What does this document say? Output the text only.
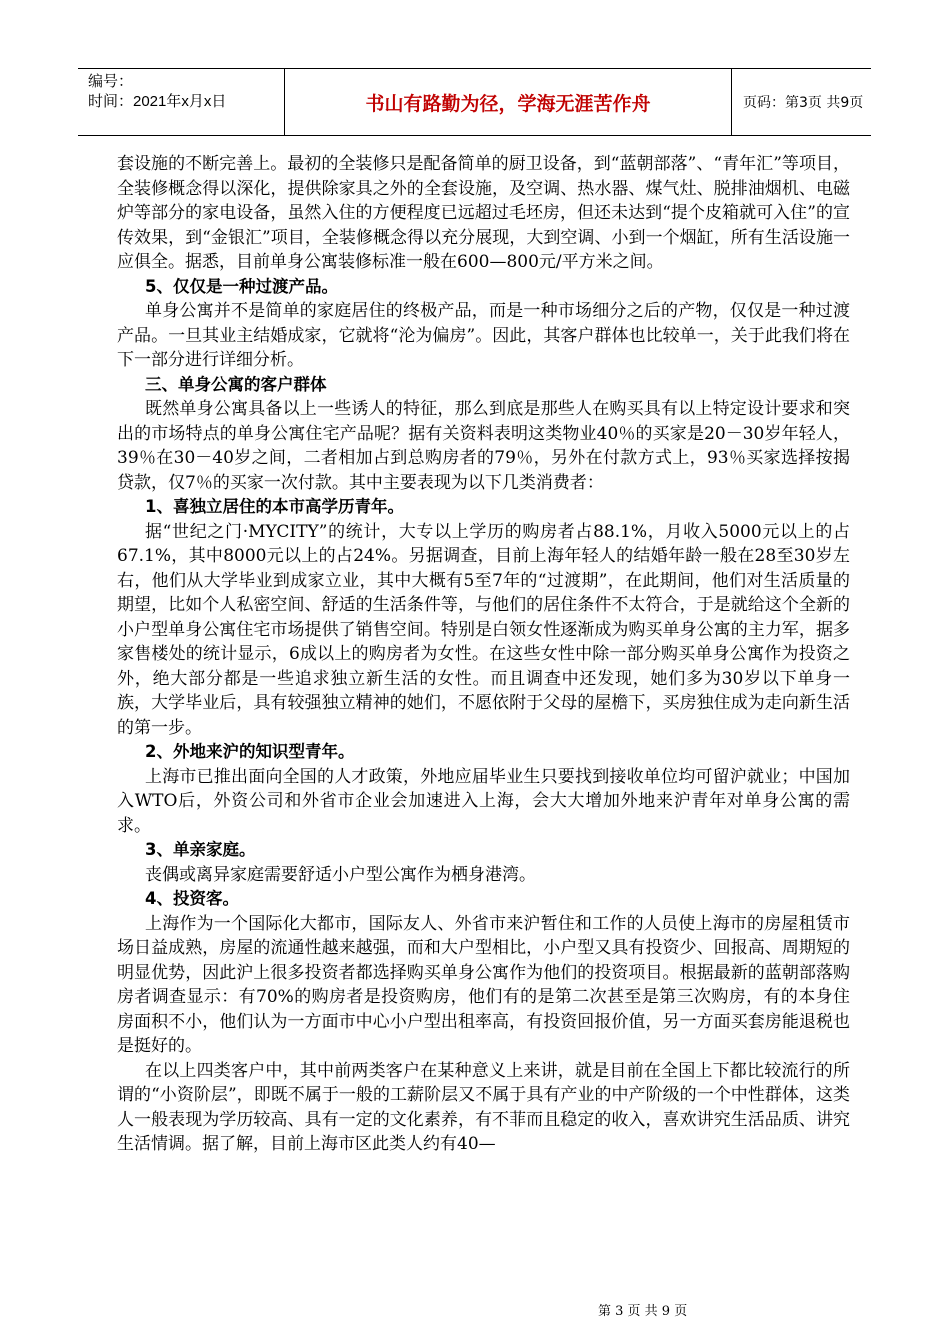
编号：
时间：2021年x月x日	书山有路勤为径，学海无涯苦作舟	页码：第3页 共9页

套设施的不断完善上。最初的全装修只是配备简单的厨卫设备，到“蓝朝部落”、“青年汇”等项目，全装修概念得以深化，提供除家具之外的全套设施，及空调、热水器、煤气灶、脱排油烟机、电磁炉等部分的家电设备，虽然入住的方便程度已远超过毛坯房，但还未达到“提个皮箱就可入住”的宣传效果，到“金银汇”项目，全装修概念得以充分展现，大到空调、小到一个烟缸，所有生活设施一应俱全。据悉，目前单身公寓装修标准一般在600—800元/平方米之间。

5、仅仅是一种过渡产品。

单身公寓并不是简单的家庭居住的终极产品，而是一种市场细分之后的产物，仅仅是一种过渡产品。一旦其业主结婚成家，它就将“沦为偏房”。因此，其客户群体也比较单一，关于此我们将在下一部分进行详细分析。

三、单身公寓的客户群体

既然单身公寓具备以上一些诱人的特征，那么到底是那些人在购买具有以上特定设计要求和突出的市场特点的单身公寓住宅产品呢？据有关资料表明这类物业40％的买家是20－30岁年轻人，39％在30－40岁之间，二者相加占到总购房者的79％，另外在付款方式上，93％买家选择按揭贷款，仅7％的买家一次付款。其中主要表现为以下几类消费者：

1、喜独立居住的本市高学历青年。

据“世纪之门·MYCITY”的统计，大专以上学历的购房者占88.1%，月收入5000元以上的占67.1%，其中8000元以上的占24%。另据调查，目前上海年轻人的结婚年龄一般在28至30岁左右，他们从大学毕业到成家立业，其中大概有5至7年的“过渡期”，在此期间，他们对生活质量的期望，比如个人私密空间、舒适的生活条件等，与他们的居住条件不太符合，于是就给这个全新的小户型单身公寓住宅市场提供了销售空间。特别是白领女性逐渐成为购买单身公寓的主力军，据多家售楼处的统计显示，6成以上的购房者为女性。在这些女性中除一部分购买单身公寓作为投资之外，绝大部分都是一些追求独立新生活的女性。而且调查中还发现，她们多为30岁以下单身一族，大学毕业后，具有较强独立精神的她们，不愿依附于父母的屋檐下，买房独住成为走向新生活的第一步。

2、外地来沪的知识型青年。

上海市已推出面向全国的人才政策，外地应届毕业生只要找到接收单位均可留沪就业；中国加入WTO后，外资公司和外省市企业会加速进入上海，会大大增加外地来沪青年对单身公寓的需求。

3、单亲家庭。

丧偶或离异家庭需要舒适小户型公寓作为栖身港湾。

4、投资客。

上海作为一个国际化大都市，国际友人、外省市来沪暂住和工作的人员使上海市的房屋租赁市场日益成熟，房屋的流通性越来越强，而和大户型相比，小户型又具有投资少、回报高、周期短的明显优势，因此沪上很多投资者都选择购买单身公寓作为他们的投资项目。根据最新的蓝朝部落购房者调查显示：有70%的购房者是投资购房，他们有的是第二次甚至是第三次购房，有的本身住房面积不小，他们认为一方面市中心小户型出租率高，有投资回报价值，另一方面买套房能退税也是挺好的。

在以上四类客户中，其中前两类客户在某种意义上来讲，就是目前在全国上下都比较流行的所谓的“小资阶层”，即既不属于一般的工薪阶层又不属于具有产业的中产阶级的一个中性群体，这类人一般表现为学历较高、具有一定的文化素养，有不菲而且稳定的收入，喜欢讲究生活品质、讲究生活情调。据了解，目前上海市区此类人约有40—

第 3 页 共 9 页
